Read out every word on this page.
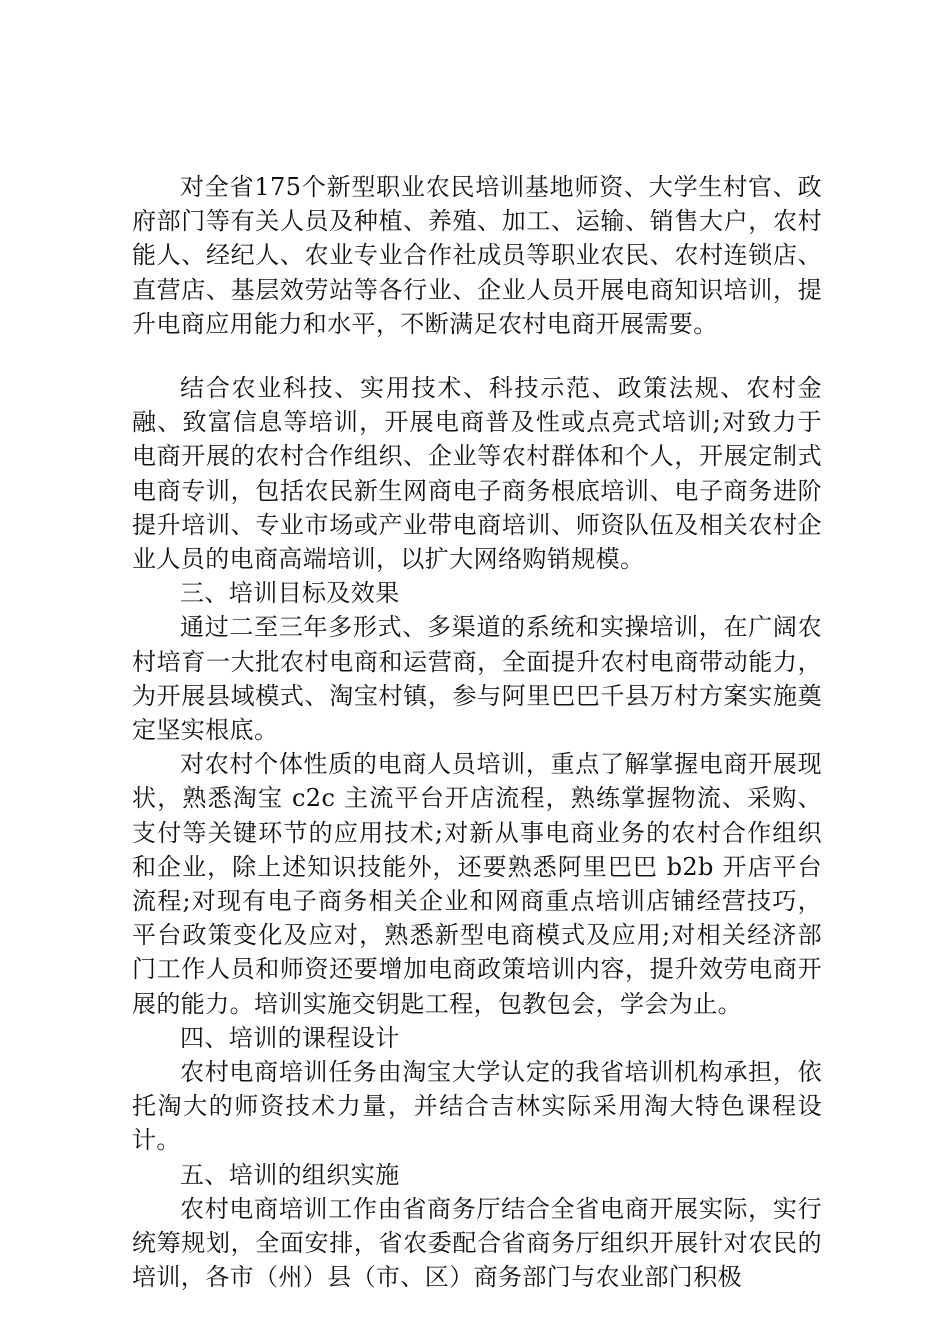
对全省175个新型职业农民培训基地师资、大学生村官、政府部门等有关人员及种植、养殖、加工、运输、销售大户，农村能人、经纪人、农业专业合作社成员等职业农民、农村连锁店、直营店、基层效劳站等各行业、企业人员开展电商知识培训，提升电商应用能力和水平，不断满足农村电商开展需要。

结合农业科技、实用技术、科技示范、政策法规、农村金融、致富信息等培训，开展电商普及性或点亮式培训;对致力于电商开展的农村合作组织、企业等农村群体和个人，开展定制式电商专训，包括农民新生网商电子商务根底培训、电子商务进阶提升培训、专业市场或产业带电商培训、师资队伍及相关农村企业人员的电商高端培训，以扩大网络购销规模。

三、培训目标及效果

通过二至三年多形式、多渠道的系统和实操培训，在广阔农村培育一大批农村电商和运营商，全面提升农村电商带动能力，为开展县域模式、淘宝村镇，参与阿里巴巴千县万村方案实施奠定坚实根底。

对农村个体性质的电商人员培训，重点了解掌握电商开展现状，熟悉淘宝 c2c 主流平台开店流程，熟练掌握物流、采购、支付等关键环节的应用技术;对新从事电商业务的农村合作组织和企业，除上述知识技能外，还要熟悉阿里巴巴 b2b 开店平台流程;对现有电子商务相关企业和网商重点培训店铺经营技巧，平台政策变化及应对，熟悉新型电商模式及应用;对相关经济部门工作人员和师资还要增加电商政策培训内容，提升效劳电商开展的能力。培训实施交钥匙工程，包教包会，学会为止。

四、培训的课程设计

农村电商培训任务由淘宝大学认定的我省培训机构承担，依托淘大的师资技术力量，并结合吉林实际采用淘大特色课程设计。

五、培训的组织实施

农村电商培训工作由省商务厅结合全省电商开展实际，实行统筹规划，全面安排，省农委配合省商务厅组织开展针对农民的培训，各市（州）县（市、区）商务部门与农业部门积极
